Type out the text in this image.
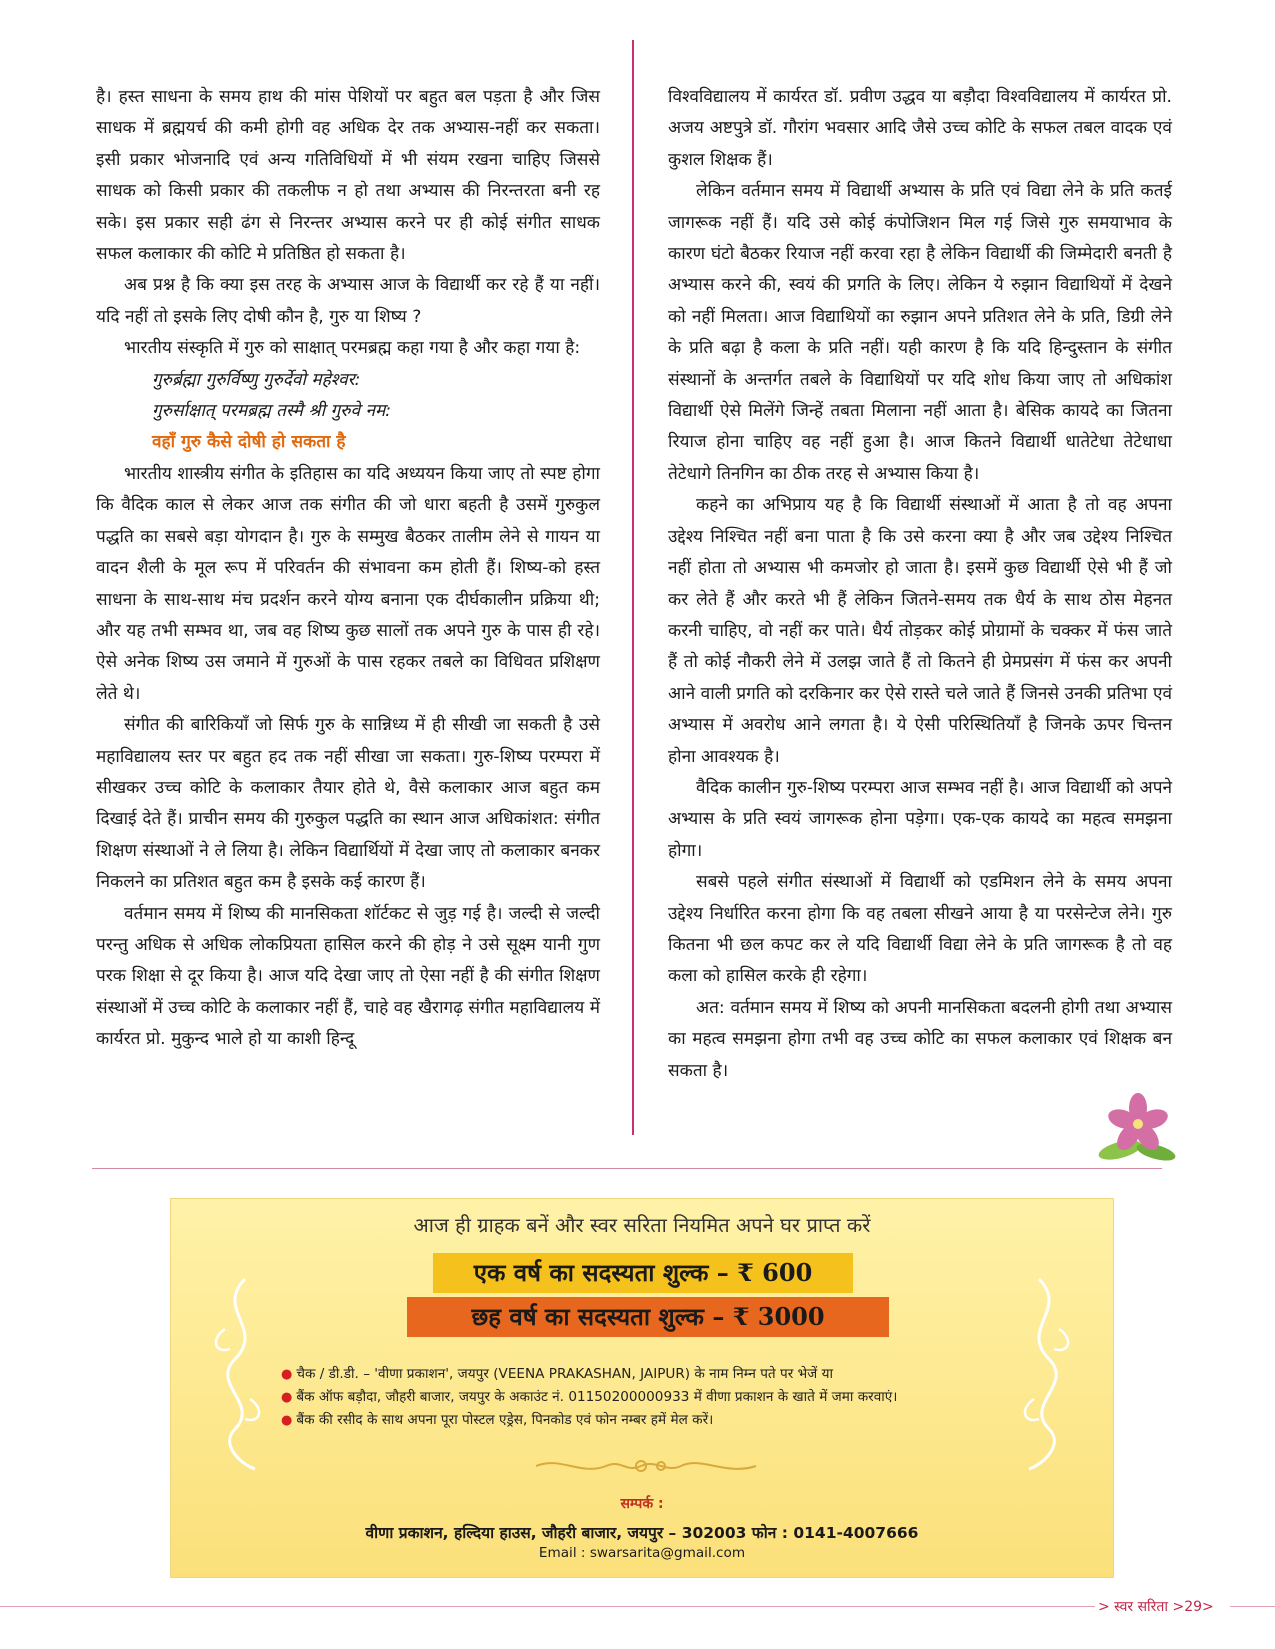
है। हस्त साधना के समय हाथ की मांस पेशियों पर बहुत बल पड़ता है और जिस साधक में ब्रह्मयर्च की कमी होगी वह अधिक देर तक अभ्यास-नहीं कर सकता। इसी प्रकार भोजनादि एवं अन्य गतिविधियों में भी संयम रखना चाहिए जिससे साधक को किसी प्रकार की तकलीफ न हो तथा अभ्यास की निरन्तरता बनी रह सके। इस प्रकार सही ढंग से निरन्तर अभ्यास करने पर ही कोई संगीत साधक सफल कलाकार की कोटि मे प्रतिष्ठित हो सकता है।

अब प्रश्न है कि क्या इस तरह के अभ्यास आज के विद्यार्थी कर रहे हैं या नहीं। यदि नहीं तो इसके लिए दोषी कौन है, गुरु या शिष्य ?

भारतीय संस्कृति में गुरु को साक्षात् परमब्रह्म कहा गया है और कहा गया है:

गुरुर्ब्रह्मा गुरुर्विष्णु गुरुर्देवो महेश्वर:

गुरुर्साक्षात् परमब्रह्म तस्मै श्री गुरुवे नम:

वहाँ गुरु कैसे दोषी हो सकता है

भारतीय शास्त्रीय संगीत के इतिहास का यदि अध्ययन किया जाए तो स्पष्ट होगा कि वैदिक काल से लेकर आज तक संगीत की जो धारा बहती है उसमें गुरुकुल पद्धति का सबसे बड़ा योगदान है। गुरु के सम्मुख बैठकर तालीम लेने से गायन या वादन शैली के मूल रूप में परिवर्तन की संभावना कम होती हैं। शिष्य-को हस्त साधना के साथ-साथ मंच प्रदर्शन करने योग्य बनाना एक दीर्घकालीन प्रक्रिया थी; और यह तभी सम्भव था, जब वह शिष्य कुछ सालों तक अपने गुरु के पास ही रहे। ऐसे अनेक शिष्य उस जमाने में गुरुओं के पास रहकर तबले का विधिवत प्रशिक्षण लेते थे।

संगीत की बारिकियाँ जो सिर्फ गुरु के सान्निध्य में ही सीखी जा सकती है उसे महाविद्यालय स्तर पर बहुत हद तक नहीं सीखा जा सकता। गुरु-शिष्य परम्परा में सीखकर उच्च कोटि के कलाकार तैयार होते थे, वैसे कलाकार आज बहुत कम दिखाई देते हैं। प्राचीन समय की गुरुकुल पद्धति का स्थान आज अधिकांशत: संगीत शिक्षण संस्थाओं ने ले लिया है। लेकिन विद्यार्थियों में देखा जाए तो कलाकार बनकर निकलने का प्रतिशत बहुत कम है इसके कई कारण हैं।

वर्तमान समय में शिष्य की मानसिकता शॉर्टकट से जुड़ गई है। जल्दी से जल्दी परन्तु अधिक से अधिक लोकप्रियता हासिल करने की होड़ ने उसे सूक्ष्म यानी गुण परक शिक्षा से दूर किया है। आज यदि देखा जाए तो ऐसा नहीं है की संगीत शिक्षण संस्थाओं में उच्च कोटि के कलाकार नहीं हैं, चाहे वह खैरागढ़ संगीत महाविद्यालय में कार्यरत प्रो. मुकुन्द भाले हो या काशी हिन्दू

विश्वविद्यालय में कार्यरत डॉ. प्रवीण उद्धव या बड़ौदा विश्वविद्यालय में कार्यरत प्रो. अजय अष्टपुत्रे डॉ. गौरांग भवसार आदि जैसे उच्च कोटि के सफल तबल वादक एवं कुशल शिक्षक हैं।

लेकिन वर्तमान समय में विद्यार्थी अभ्यास के प्रति एवं विद्या लेने के प्रति कतई जागरूक नहीं हैं। यदि उसे कोई कंपोजिशन मिल गई जिसे गुरु समयाभाव के कारण घंटो बैठकर रियाज नहीं करवा रहा है लेकिन विद्यार्थी की जिम्मेदारी बनती है अभ्यास करने की, स्वयं की प्रगति के लिए। लेकिन ये रुझान विद्याथियों में देखने को नहीं मिलता। आज विद्याथियों का रुझान अपने प्रतिशत लेने के प्रति, डिग्री लेने के प्रति बढ़ा है कला के प्रति नहीं। यही कारण है कि यदि हिन्दुस्तान के संगीत संस्थानों के अन्तर्गत तबले के विद्याथियों पर यदि शोध किया जाए तो अधिकांश विद्यार्थी ऐसे मिलेंगे जिन्हें तबता मिलाना नहीं आता है। बेसिक कायदे का जितना रियाज होना चाहिए वह नहीं हुआ है। आज कितने विद्यार्थी धातेटेधा तेटेधाधा तेटेधागे तिनगिन का ठीक तरह से अभ्यास किया है।

कहने का अभिप्राय यह है कि विद्यार्थी संस्थाओं में आता है तो वह अपना उद्देश्य निश्चित नहीं बना पाता है कि उसे करना क्या है और जब उद्देश्य निश्चित नहीं होता तो अभ्यास भी कमजोर हो जाता है। इसमें कुछ विद्यार्थी ऐसे भी हैं जो कर लेते हैं और करते भी हैं लेकिन जितने-समय तक धैर्य के साथ ठोस मेहनत करनी चाहिए, वो नहीं कर पाते। धैर्य तोड़कर कोई प्रोग्रामों के चक्कर में फंस जाते हैं तो कोई नौकरी लेने में उलझ जाते हैं तो कितने ही प्रेमप्रसंग में फंस कर अपनी आने वाली प्रगति को दरकिनार कर ऐसे रास्ते चले जाते हैं जिनसे उनकी प्रतिभा एवं अभ्यास में अवरोध आने लगता है। ये ऐसी परिस्थितियाँ है जिनके ऊपर चिन्तन होना आवश्यक है।

वैदिक कालीन गुरु-शिष्य परम्परा आज सम्भव नहीं है। आज विद्यार्थी को अपने अभ्यास के प्रति स्वयं जागरूक होना पड़ेगा। एक-एक कायदे का महत्व समझना होगा।

सबसे पहले संगीत संस्थाओं में विद्यार्थी को एडमिशन लेने के समय अपना उद्देश्य निर्धारित करना होगा कि वह तबला सीखने आया है या परसेन्टेज लेने। गुरु कितना भी छल कपट कर ले यदि विद्यार्थी विद्या लेने के प्रति जागरूक है तो वह कला को हासिल करके ही रहेगा।

अत: वर्तमान समय में शिष्य को अपनी मानसिकता बदलनी होगी तथा अभ्यास का महत्व समझना होगा तभी वह उच्च कोटि का सफल कलाकार एवं शिक्षक बन सकता है।

आज ही ग्राहक बनें और स्वर सरिता नियमित अपने घर प्राप्त करें
एक वर्ष का सदस्यता शुल्क – ₹ 600
छह वर्ष का सदस्यता शुल्क – ₹ 3000
● चैक / डी.डी. – 'वीणा प्रकाशन', जयपुर (VEENA PRAKASHAN, JAIPUR) के नाम निम्न पते पर भेजें या
● बैंक ऑफ बड़ौदा, जौहरी बाजार, जयपुर के अकाउंट नं. 01150200000933 में वीणा प्रकाशन के खाते में जमा करवाएं।
● बैंक की रसीद के साथ अपना पूरा पोस्टल एड्रेस, पिनकोड एवं फोन नम्बर हमें मेल करें।
सम्पर्क :
वीणा प्रकाशन, हल्दिया हाउस, जौहरी बाजार, जयपुर – 302003 फोन : 0141-4007666
Email : swarsarita@gmail.com
> स्वर सरिता >29>
